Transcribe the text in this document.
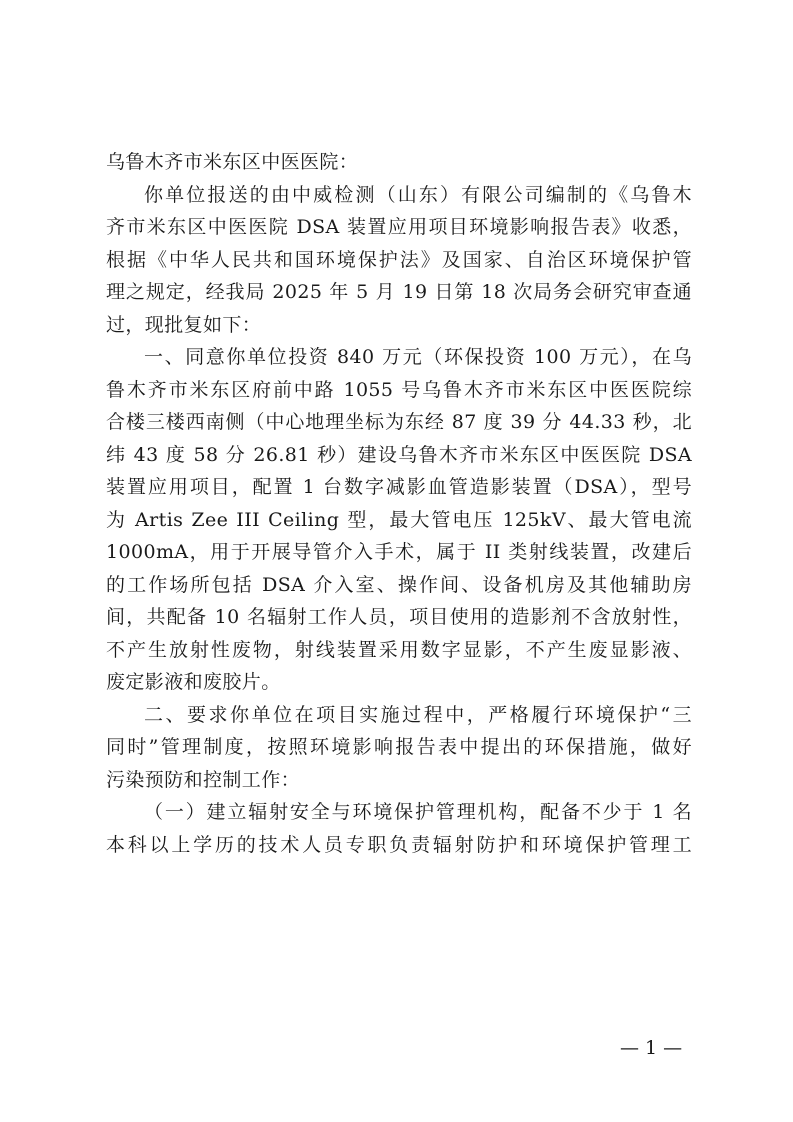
乌鲁木齐市米东区中医医院：
你单位报送的由中威检测（山东）有限公司编制的《乌鲁木
齐市米东区中医医院 DSA 装置应用项目环境影响报告表》收悉，
根据《中华人民共和国环境保护法》及国家、自治区环境保护管
理之规定，经我局 2025 年 5 月 19 日第 18 次局务会研究审查通
过，现批复如下：
一、同意你单位投资 840 万元（环保投资 100 万元），在乌
鲁木齐市米东区府前中路 1055 号乌鲁木齐市米东区中医医院综
合楼三楼西南侧（中心地理坐标为东经 87 度 39 分 44.33 秒，北
纬 43 度 58 分 26.81 秒）建设乌鲁木齐市米东区中医医院 DSA
装置应用项目，配置 1 台数字减影血管造影装置（DSA），型号
为 Artis Zee III Ceiling 型，最大管电压 125kV、最大管电流
1000mA，用于开展导管介入手术，属于 II 类射线装置，改建后
的工作场所包括 DSA 介入室、操作间、设备机房及其他辅助房
间，共配备 10 名辐射工作人员，项目使用的造影剂不含放射性，
不产生放射性废物，射线装置采用数字显影，不产生废显影液、
废定影液和废胶片。
二、要求你单位在项目实施过程中，严格履行环境保护“三
同时”管理制度，按照环境影响报告表中提出的环保措施，做好
污染预防和控制工作：
（一）建立辐射安全与环境保护管理机构，配备不少于 1 名
本科以上学历的技术人员专职负责辐射防护和环境保护管理工
— 1 —
